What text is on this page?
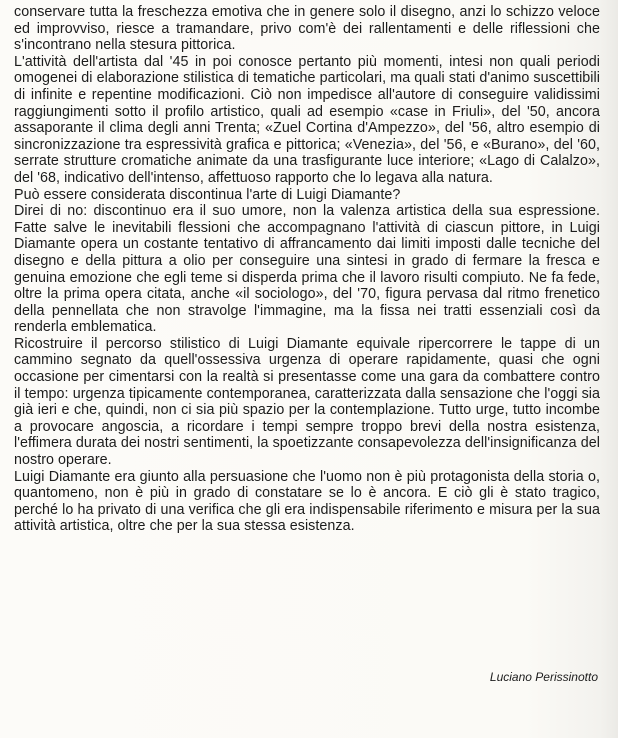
conservare tutta la freschezza emotiva che in genere solo il disegno, anzi lo schizzo veloce ed improvviso, riesce a tramandare, privo com'è dei rallentamenti e delle riflessioni che s'incontrano nella stesura pittorica.

L'attività dell'artista dal '45 in poi conosce pertanto più momenti, intesi non quali periodi omogenei di elaborazione stilistica di tematiche particolari, ma quali stati d'animo suscettibili di infinite e repentine modificazioni. Ciò non impedisce all'autore di conseguire validissimi raggiungimenti sotto il profilo artistico, quali ad esempio «case in Friuli», del '50, ancora assaporante il clima degli anni Trenta; «Zuel Cortina d'Ampezzo», del '56, altro esempio di sincronizzazione tra espressività grafica e pittorica; «Venezia», del '56, e «Burano», del '60, serrate strutture cromatiche animate da una trasfigurante luce interiore; «Lago di Calalzo», del '68, indicativo dell'intenso, affettuoso rapporto che lo legava alla natura.

Può essere considerata discontinua l'arte di Luigi Diamante?

Direi di no: discontinuo era il suo umore, non la valenza artistica della sua espressione. Fatte salve le inevitabili flessioni che accompagnano l'attività di ciascun pittore, in Luigi Diamante opera un costante tentativo di affrancamento dai limiti imposti dalle tecniche del disegno e della pittura a olio per conseguire una sintesi in grado di fermare la fresca e genuina emozione che egli teme si disperda prima che il lavoro risulti compiuto. Ne fa fede, oltre la prima opera citata, anche «il sociologo», del '70, figura pervasa dal ritmo frenetico della pennellata che non stravolge l'immagine, ma la fissa nei tratti essenziali così da renderla emblematica.

Ricostruire il percorso stilistico di Luigi Diamante equivale ripercorrere le tappe di un cammino segnato da quell'ossessiva urgenza di operare rapidamente, quasi che ogni occasione per cimentarsi con la realtà si presentasse come una gara da combattere contro il tempo: urgenza tipicamente contemporanea, caratterizzata dalla sensazione che l'oggi sia già ieri e che, quindi, non ci sia più spazio per la contemplazione. Tutto urge, tutto incombe a provocare angoscia, a ricordare i tempi sempre troppo brevi della nostra esistenza, l'effimera durata dei nostri sentimenti, la spoetizzante consapevolezza dell'insignificanza del nostro operare.

Luigi Diamante era giunto alla persuasione che l'uomo non è più protagonista della storia o, quantomeno, non è più in grado di constatare se lo è ancora. E ciò gli è stato tragico, perché lo ha privato di una verifica che gli era indispensabile riferimento e misura per la sua attività artistica, oltre che per la sua stessa esistenza.

Luciano Perissinotto
